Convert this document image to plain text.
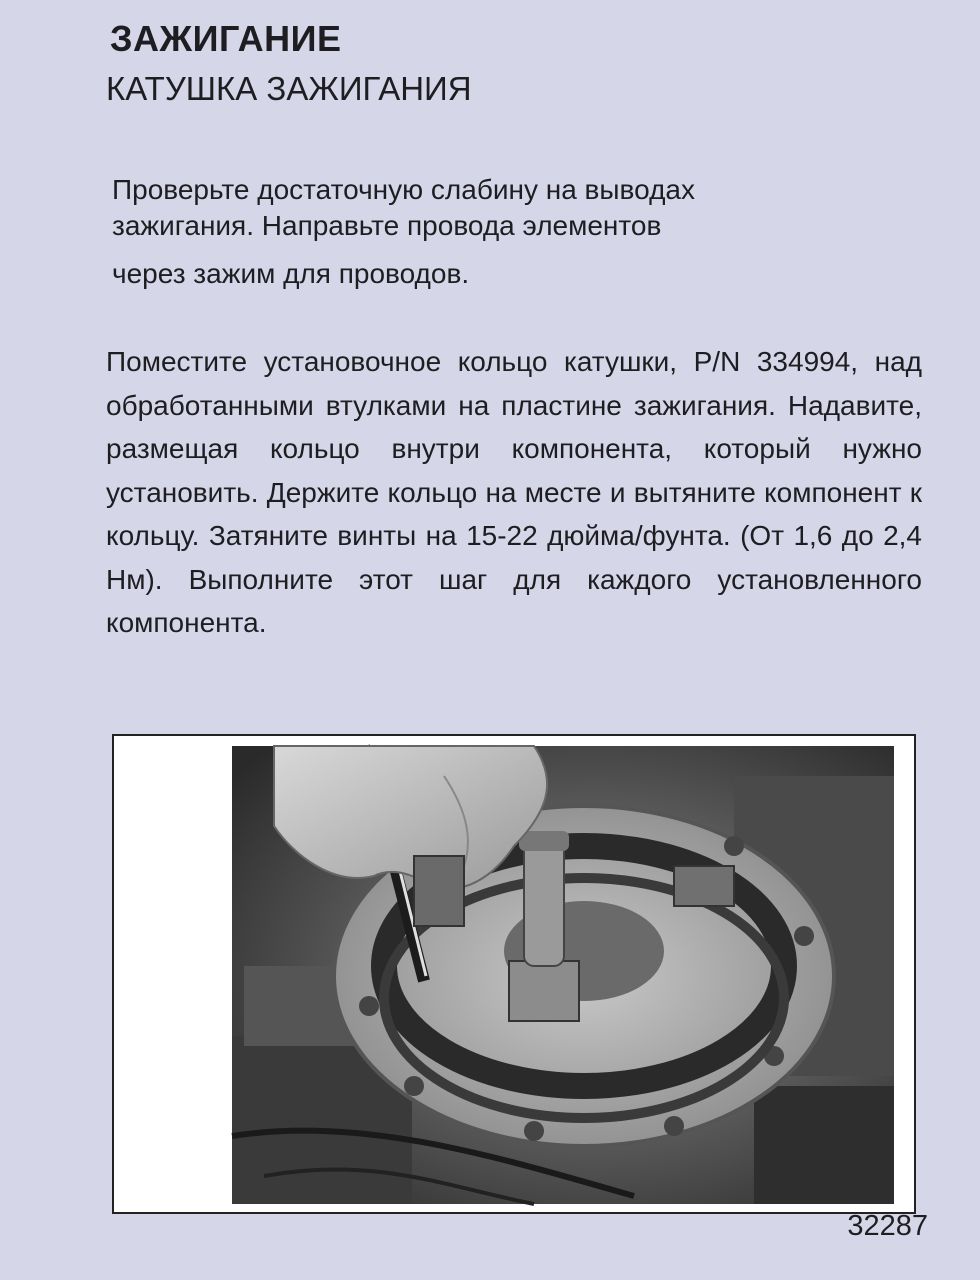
ЗАЖИГАНИЕ
КАТУШКА ЗАЖИГАНИЯ
Проверьте достаточную слабину на выводах
зажигания. Направьте провода элементов
через зажим для проводов.
Поместите установочное кольцо катушки, P/N 334994, над обработанными втулками на пластине зажигания. Надавите, размещая кольцо внутри компонента, который нужно установить. Держите кольцо на месте и вытяните компонент к кольцу. Затяните винты на 15-22 дюйма/фунта. (От 1,6 до 2,4 Нм). Выполните этот шаг для каждого установленного компонента.
32287
